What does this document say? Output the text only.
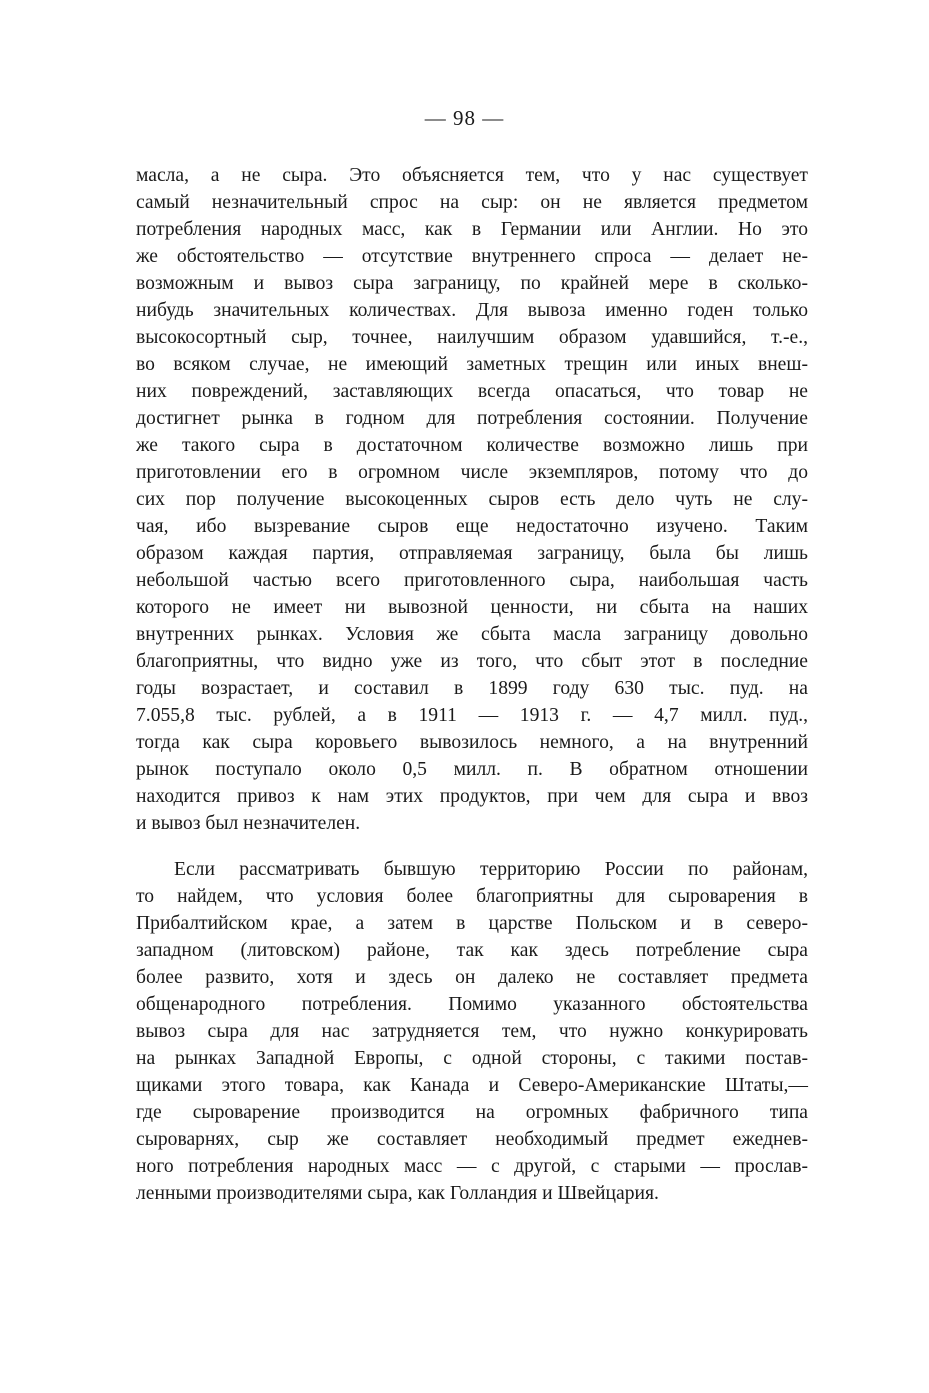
— 98 —
масла, а не сыра. Это объясняется тем, что у нас существует
самый незначительный спрос на сыр: он не является предметом
потребления народных масс, как в Германии или Англии. Но это
же обстоятельство — отсутствие внутреннего спроса — делает не-
возможным и вывоз сыра заграницу, по крайней мере в сколько-
нибудь значительных количествах. Для вывоза именно годен только
высокосортный сыр, точнее, наилучшим образом удавшийся, т.-е.,
во всяком случае, не имеющий заметных трещин или иных внеш-
них повреждений, заставляющих всегда опасаться, что товар не
достигнет рынка в годном для потребления состоянии. Получение
же такого сыра в достаточном количестве возможно лишь при
приготовлении его в огромном числе экземпляров, потому что до
сих пор получение высокоценных сыров есть дело чуть не слу-
чая, ибо вызревание сыров еще недостаточно изучено. Таким
образом каждая партия, отправляемая заграницу, была бы лишь
небольшой частью всего приготовленного сыра, наибольшая часть
которого не имеет ни вывозной ценности, ни сбыта на наших
внутренних рынках. Условия же сбыта масла заграницу довольно
благоприятны, что видно уже из того, что сбыт этот в последние
годы возрастает, и составил в 1899 году 630 тыс. пуд. на
7.055,8 тыс. рублей, а в 1911 — 1913 г. — 4,7 милл. пуд.,
тогда как сыра коровьего вывозилось немного, а на внутренний
рынок поступало около 0,5 милл. п. В обратном отношении
находится привоз к нам этих продуктов, при чем для сыра и ввоз
и вывоз был незначителен.
Если рассматривать бывшую территорию России по районам,
то найдем, что условия более благоприятны для сыроварения в
Прибалтийском крае, а затем в царстве Польском и в северо-
западном (литовском) районе, так как здесь потребление сыра
более развито, хотя и здесь он далеко не составляет предмета
общенародного потребления. Помимо указанного обстоятельства
вывоз сыра для нас затрудняется тем, что нужно конкурировать
на рынках Западной Европы, с одной стороны, с такими постав-
щиками этого товара, как Канада и Северо-Американские Штаты,—
где сыроварение производится на огромных фабричного типа
сыроварнях, сыр же составляет необходимый предмет ежеднев-
ного потребления народных масс — с другой, с старыми — прослав-
ленными производителями сыра, как Голландия и Швейцария.
